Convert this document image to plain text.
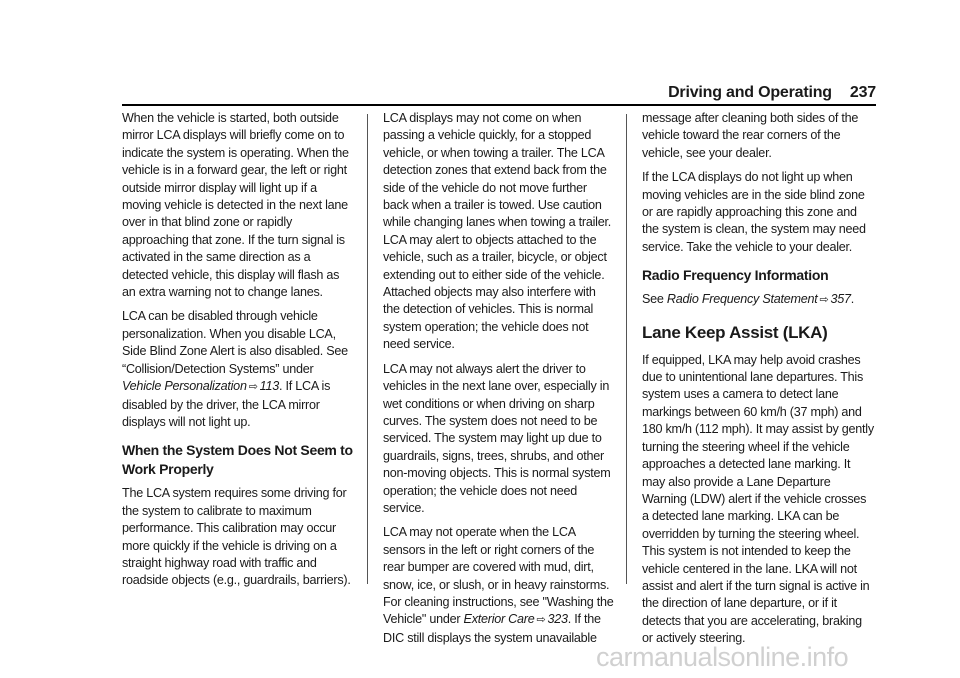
Driving and Operating 237

When the vehicle is started, both outside mirror LCA displays will briefly come on to indicate the system is operating. When the vehicle is in a forward gear, the left or right outside mirror display will light up if a moving vehicle is detected in the next lane over in that blind zone or rapidly approaching that zone. If the turn signal is activated in the same direction as a detected vehicle, this display will flash as an extra warning not to change lanes.

LCA can be disabled through vehicle personalization. When you disable LCA, Side Blind Zone Alert is also disabled. See “Collision/Detection Systems” under Vehicle Personalization ⇨ 113. If LCA is disabled by the driver, the LCA mirror displays will not light up.

When the System Does Not Seem to Work Properly

The LCA system requires some driving for the system to calibrate to maximum performance. This calibration may occur more quickly if the vehicle is driving on a straight highway road with traffic and roadside objects (e.g., guardrails, barriers).

LCA displays may not come on when passing a vehicle quickly, for a stopped vehicle, or when towing a trailer. The LCA detection zones that extend back from the side of the vehicle do not move further back when a trailer is towed. Use caution while changing lanes when towing a trailer. LCA may alert to objects attached to the vehicle, such as a trailer, bicycle, or object extending out to either side of the vehicle. Attached objects may also interfere with the detection of vehicles. This is normal system operation; the vehicle does not need service.

LCA may not always alert the driver to vehicles in the next lane over, especially in wet conditions or when driving on sharp curves. The system does not need to be serviced. The system may light up due to guardrails, signs, trees, shrubs, and other non-moving objects. This is normal system operation; the vehicle does not need service.

LCA may not operate when the LCA sensors in the left or right corners of the rear bumper are covered with mud, dirt, snow, ice, or slush, or in heavy rainstorms. For cleaning instructions, see "Washing the Vehicle" under Exterior Care ⇨ 323. If the DIC still displays the system unavailable

message after cleaning both sides of the vehicle toward the rear corners of the vehicle, see your dealer.

If the LCA displays do not light up when moving vehicles are in the side blind zone or are rapidly approaching this zone and the system is clean, the system may need service. Take the vehicle to your dealer.

Radio Frequency Information

See Radio Frequency Statement ⇨ 357.

Lane Keep Assist (LKA)

If equipped, LKA may help avoid crashes due to unintentional lane departures. This system uses a camera to detect lane markings between 60 km/h (37 mph) and 180 km/h (112 mph). It may assist by gently turning the steering wheel if the vehicle approaches a detected lane marking. It may also provide a Lane Departure Warning (LDW) alert if the vehicle crosses a detected lane marking. LKA can be overridden by turning the steering wheel. This system is not intended to keep the vehicle centered in the lane. LKA will not assist and alert if the turn signal is active in the direction of lane departure, or if it detects that you are accelerating, braking or actively steering.

carmanualsonline.info
